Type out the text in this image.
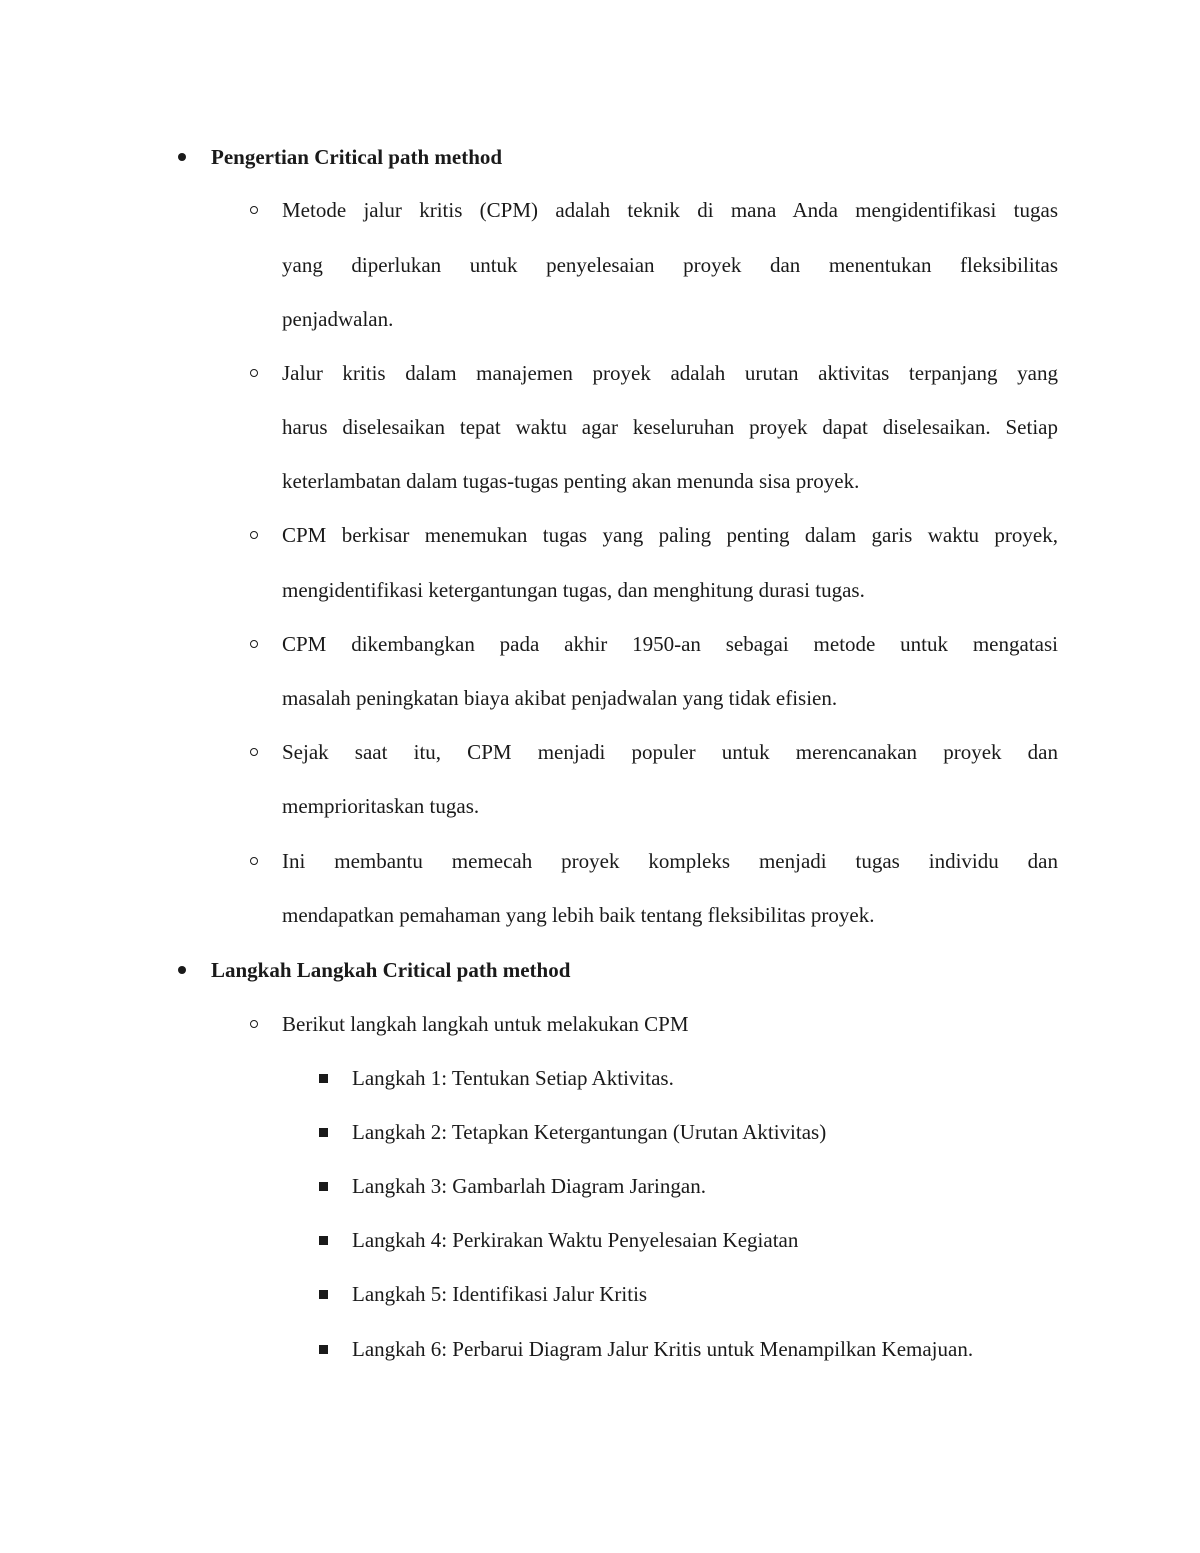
Pengertian Critical path method
Metode jalur kritis (CPM) adalah teknik di mana Anda mengidentifikasi tugas
yang diperlukan untuk penyelesaian proyek dan menentukan fleksibilitas
penjadwalan.
Jalur kritis dalam manajemen proyek adalah urutan aktivitas terpanjang yang
harus diselesaikan tepat waktu agar keseluruhan proyek dapat diselesaikan. Setiap
keterlambatan dalam tugas-tugas penting akan menunda sisa proyek.
CPM berkisar menemukan tugas yang paling penting dalam garis waktu proyek,
mengidentifikasi ketergantungan tugas, dan menghitung durasi tugas.
CPM dikembangkan pada akhir 1950-an sebagai metode untuk mengatasi
masalah peningkatan biaya akibat penjadwalan yang tidak efisien.
Sejak saat itu, CPM menjadi populer untuk merencanakan proyek dan
memprioritaskan tugas.
Ini membantu memecah proyek kompleks menjadi tugas individu dan
mendapatkan pemahaman yang lebih baik tentang fleksibilitas proyek.
Langkah Langkah Critical path method
Berikut langkah langkah untuk melakukan CPM
Langkah 1: Tentukan Setiap Aktivitas.
Langkah 2: Tetapkan Ketergantungan (Urutan Aktivitas)
Langkah 3: Gambarlah Diagram Jaringan.
Langkah 4: Perkirakan Waktu Penyelesaian Kegiatan
Langkah 5: Identifikasi Jalur Kritis
Langkah 6: Perbarui Diagram Jalur Kritis untuk Menampilkan Kemajuan.
